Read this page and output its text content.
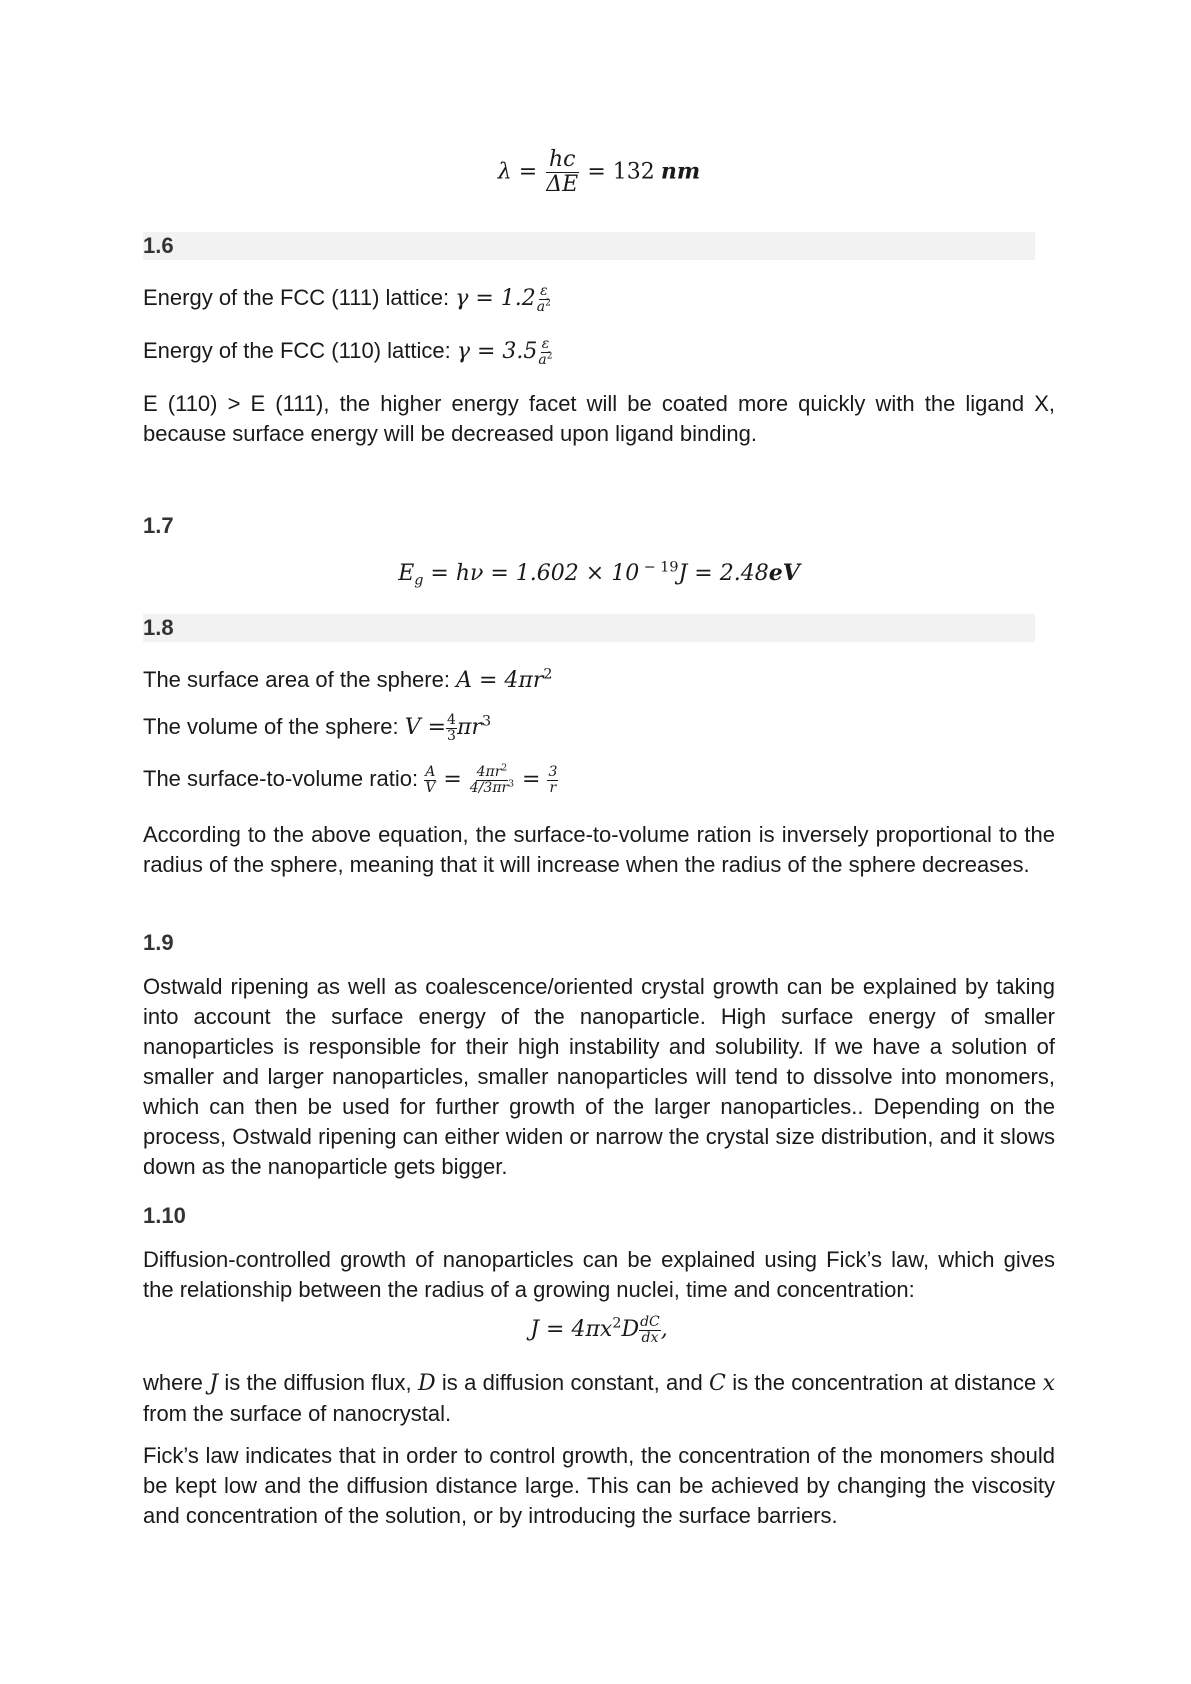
$\lambda = \frac{hc}{\Delta E} = 132$ nm
1.6
Energy of the FCC (111) lattice: $\gamma = 1.2 \frac{\varepsilon}{a^2}$
Energy of the FCC (110) lattice: $\gamma = 3.5 \frac{\varepsilon}{a^2}$

E (110) > E (111), the higher energy facet will be coated more quickly with the ligand X, because surface energy will be decreased upon ligand binding.

1.7
$E_g = h\nu = 1.602 \times 10$ $^{- 19}$J = 2.48eV
1.8
The surface area of the sphere: $A = 4\pi r^2$
The volume of the sphere: $V = \frac{4}{3} \pi r^3$
The surface-to-volume ratio: $\frac{A}{V} = \frac{4\pi r^2}{4/3\pi r^3} = \frac{3}{r}$

According to the above equation, the surface-to-volume ration is inversely proportional to the radius of the sphere, meaning that it will increase when the radius of the sphere decreases.

1.9

Ostwald ripening as well as coalescence/oriented crystal growth can be explained by taking into account the surface energy of the nanoparticle. High surface energy of smaller nanoparticles is responsible for their high instability and solubility. If we have a solution of smaller and larger nanoparticles, smaller nanoparticles will tend to dissolve into monomers, which can then be used for further growth of the larger nanoparticles.. Depending on the process, Ostwald ripening can either widen or narrow the crystal size distribution, and it slows down as the nanoparticle gets bigger.

1.10

Diffusion-controlled growth of nanoparticles can be explained using Fick’s law, which gives the relationship between the radius of a growing nuclei, time and concentration:

$J = 4\pi x^2D \frac{dC}{dx}$ ,

where J is the diffusion flux, D is a diffusion constant, and C is the concentration at distance x from the surface of nanocrystal.

Fick’s law indicates that in order to control growth, the concentration of the monomers should be kept low and the diffusion distance large. This can be achieved by changing the viscosity and concentration of the solution, or by introducing the surface barriers.
